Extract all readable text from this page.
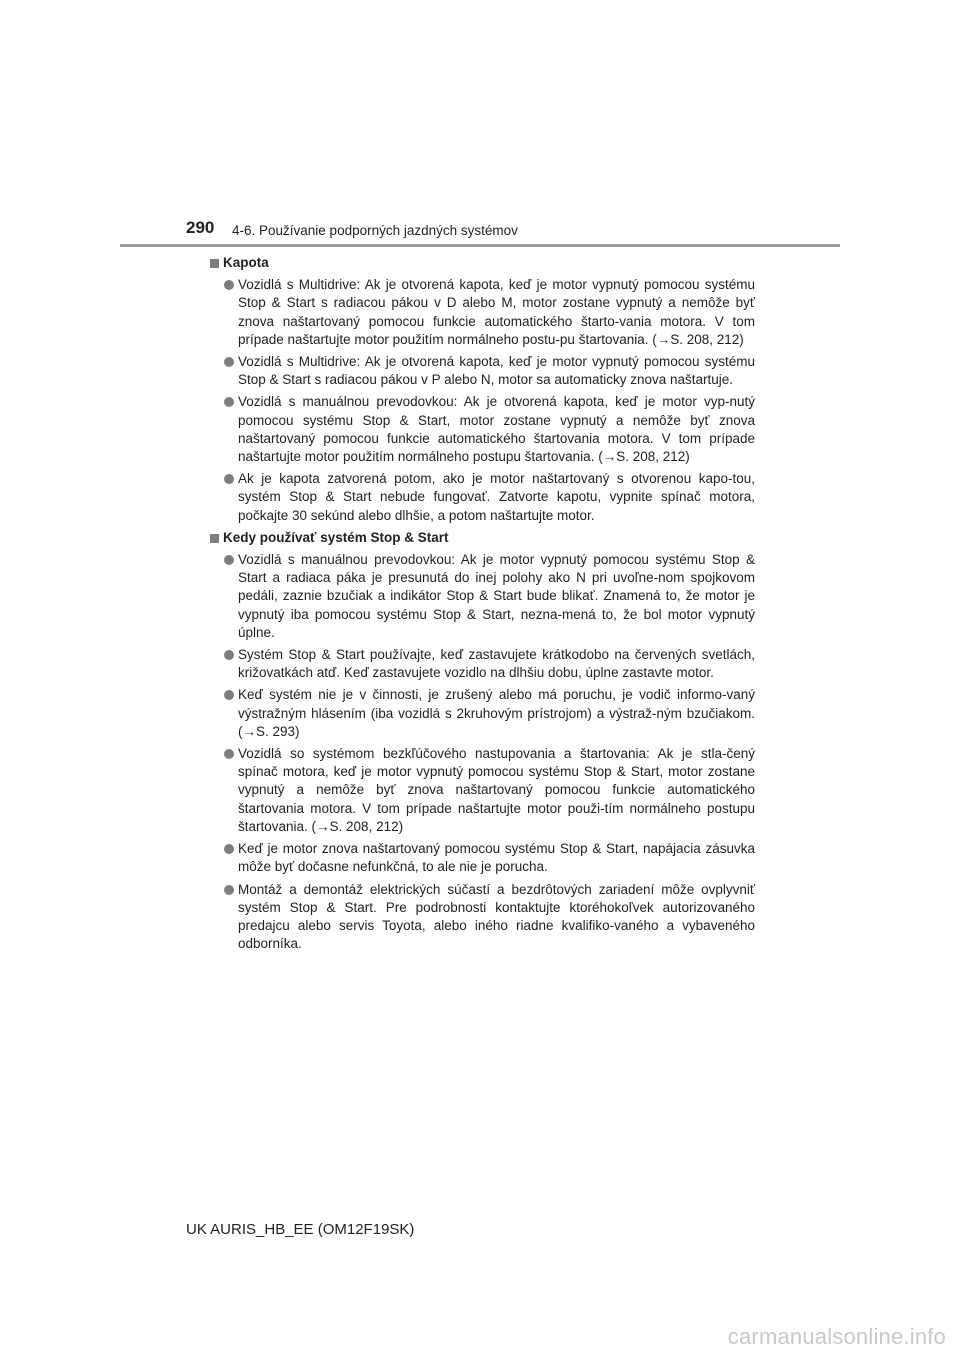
290 4-6. Používanie podporných jazdných systémov
Kapota
Vozidlá s Multidrive: Ak je otvorená kapota, keď je motor vypnutý pomocou systému Stop & Start s radiacou pákou v D alebo M, motor zostane vypnutý a nemôže byť znova naštartovaný pomocou funkcie automatického štarto-vania motora. V tom prípade naštartujte motor použitím normálneho postu-pu štartovania. (→S. 208, 212)
Vozidlá s Multidrive: Ak je otvorená kapota, keď je motor vypnutý pomocou systému Stop & Start s radiacou pákou v P alebo N, motor sa automaticky znova naštartuje.
Vozidlá s manuálnou prevodovkou: Ak je otvorená kapota, keď je motor vyp-nutý pomocou systému Stop & Start, motor zostane vypnutý a nemôže byť znova naštartovaný pomocou funkcie automatického štartovania motora. V tom prípade naštartujte motor použitím normálneho postupu štartovania. (→S. 208, 212)
Ak je kapota zatvorená potom, ako je motor naštartovaný s otvorenou kapo-tou, systém Stop & Start nebude fungovať. Zatvorte kapotu, vypnite spínač motora, počkajte 30 sekúnd alebo dlhšie, a potom naštartujte motor.
Kedy používať systém Stop & Start
Vozidlá s manuálnou prevodovkou: Ak je motor vypnutý pomocou systému Stop & Start a radiaca páka je presunutá do inej polohy ako N pri uvoľne-nom spojkovom pedáli, zaznie bzučiak a indikátor Stop & Start bude blikať. Znamená to, že motor je vypnutý iba pomocou systému Stop & Start, nezna-mená to, že bol motor vypnutý úplne.
Systém Stop & Start používajte, keď zastavujete krátkodobo na červených svetlách, križovatkách atď. Keď zastavujete vozidlo na dlhšiu dobu, úplne zastavte motor.
Keď systém nie je v činnosti, je zrušený alebo má poruchu, je vodič informo-vaný výstražným hlásením (iba vozidlá s 2kruhovým prístrojom) a výstraž-ným bzučiakom. (→S. 293)
Vozidlá so systémom bezkľúčového nastupovania a štartovania: Ak je stla-čený spínač motora, keď je motor vypnutý pomocou systému Stop & Start, motor zostane vypnutý a nemôže byť znova naštartovaný pomocou funkcie automatického štartovania motora. V tom prípade naštartujte motor použi-tím normálneho postupu štartovania. (→S. 208, 212)
Keď je motor znova naštartovaný pomocou systému Stop & Start, napájacia zásuvka môže byť dočasne nefunkčná, to ale nie je porucha.
Montáž a demontáž elektrických súčastí a bezdrôtových zariadení môže ovplyvniť systém Stop & Start. Pre podrobnosti kontaktujte ktoréhokoľvek autorizovaného predajcu alebo servis Toyota, alebo iného riadne kvalifiko-vaného a vybaveného odborníka.
UK AURIS_HB_EE (OM12F19SK)
carmanualsonline.info
